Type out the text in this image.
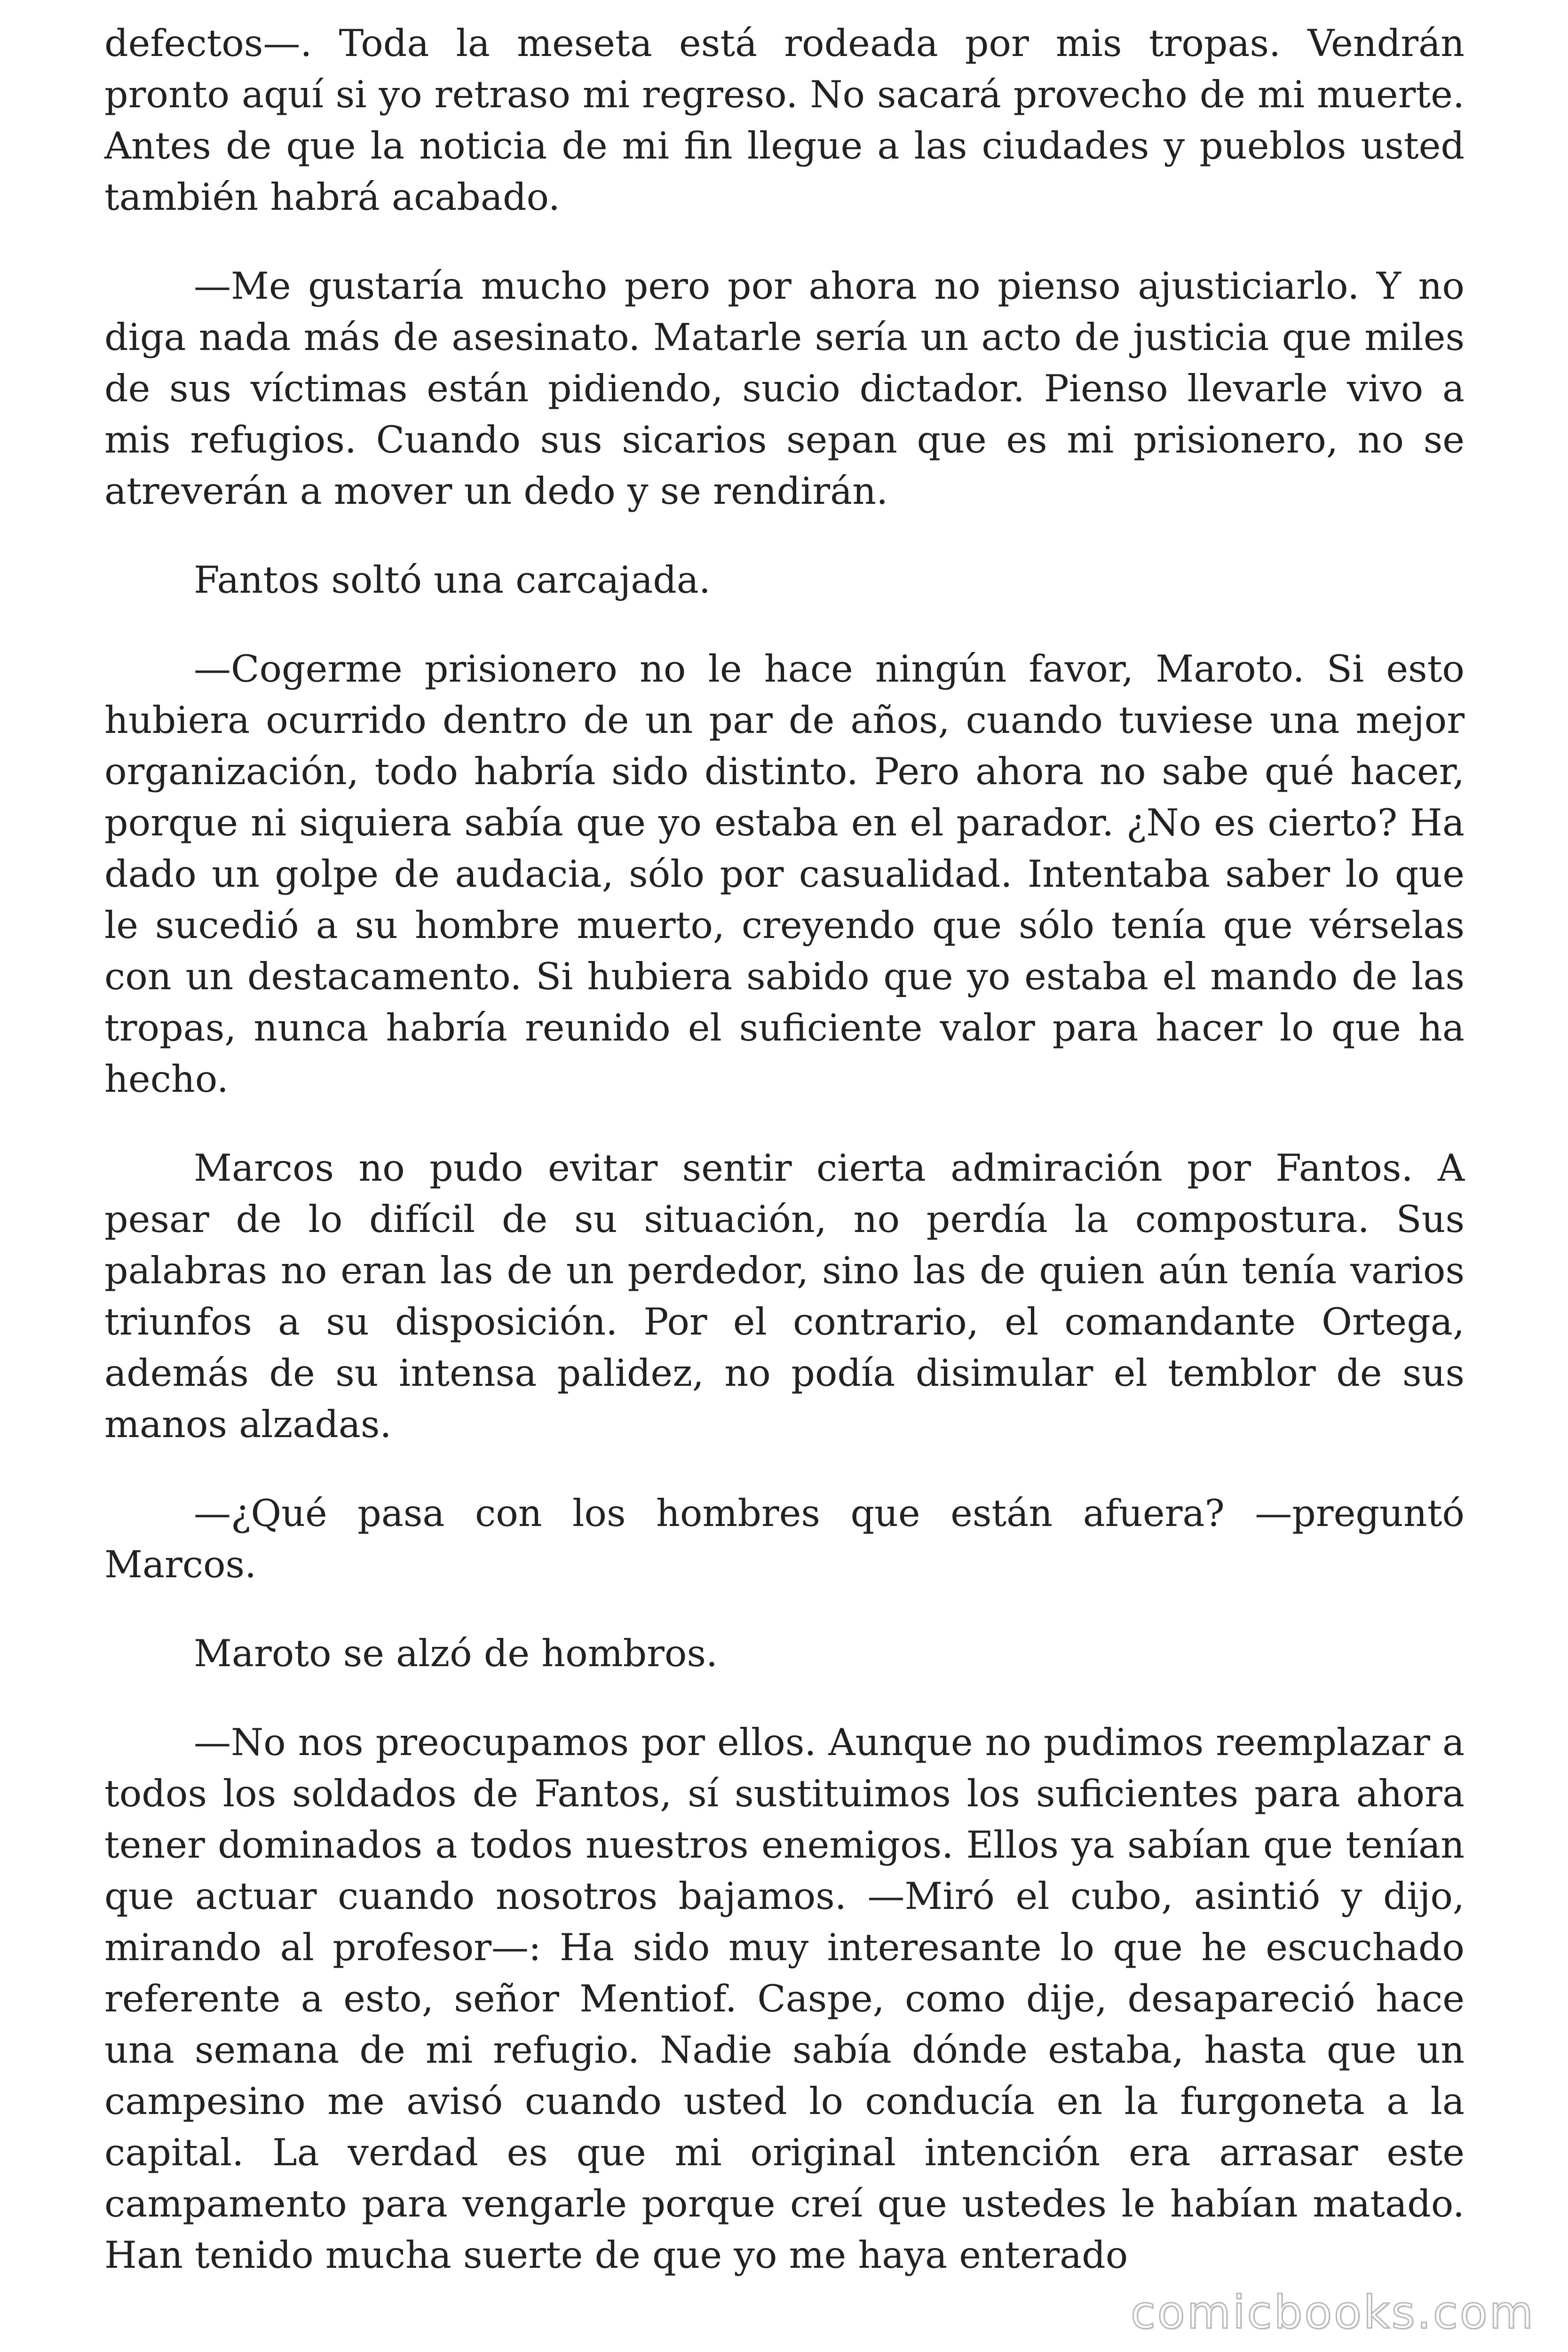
defectos—. Toda la meseta está rodeada por mis tropas. Vendrán pronto aquí si yo retraso mi regreso. No sacará provecho de mi muerte. Antes de que la noticia de mi fin llegue a las ciudades y pueblos usted también habrá acabado.

—Me gustaría mucho pero por ahora no pienso ajusticiarlo. Y no diga nada más de asesinato. Matarle sería un acto de justicia que miles de sus víctimas están pidiendo, sucio dictador. Pienso llevarle vivo a mis refugios. Cuando sus sicarios sepan que es mi prisionero, no se atreverán a mover un dedo y se rendirán.

Fantos soltó una carcajada.

—Cogerme prisionero no le hace ningún favor, Maroto. Si esto hubiera ocurrido dentro de un par de años, cuando tuviese una mejor organización, todo habría sido distinto. Pero ahora no sabe qué hacer, porque ni siquiera sabía que yo estaba en el parador. ¿No es cierto? Ha dado un golpe de audacia, sólo por casualidad. Intentaba saber lo que le sucedió a su hombre muerto, creyendo que sólo tenía que vérselas con un destacamento. Si hubiera sabido que yo estaba el mando de las tropas, nunca habría reunido el suficiente valor para hacer lo que ha hecho.

Marcos no pudo evitar sentir cierta admiración por Fantos. A pesar de lo difícil de su situación, no perdía la compostura. Sus palabras no eran las de un perdedor, sino las de quien aún tenía varios triunfos a su disposición. Por el contrario, el comandante Ortega, además de su intensa palidez, no podía disimular el temblor de sus manos alzadas.

—¿Qué pasa con los hombres que están afuera? —preguntó Marcos.

Maroto se alzó de hombros.

—No nos preocupamos por ellos. Aunque no pudimos reemplazar a todos los soldados de Fantos, sí sustituimos los suficientes para ahora tener dominados a todos nuestros enemigos. Ellos ya sabían que tenían que actuar cuando nosotros bajamos. —Miró el cubo, asintió y dijo, mirando al profesor—: Ha sido muy interesante lo que he escuchado referente a esto, señor Mentiof. Caspe, como dije, desapareció hace una semana de mi refugio. Nadie sabía dónde estaba, hasta que un campesino me avisó cuando usted lo conducía en la furgoneta a la capital. La verdad es que mi original intención era arrasar este campamento para vengarle porque creí que ustedes le habían matado. Han tenido mucha suerte de que yo me haya enterado

comicbooks.com
